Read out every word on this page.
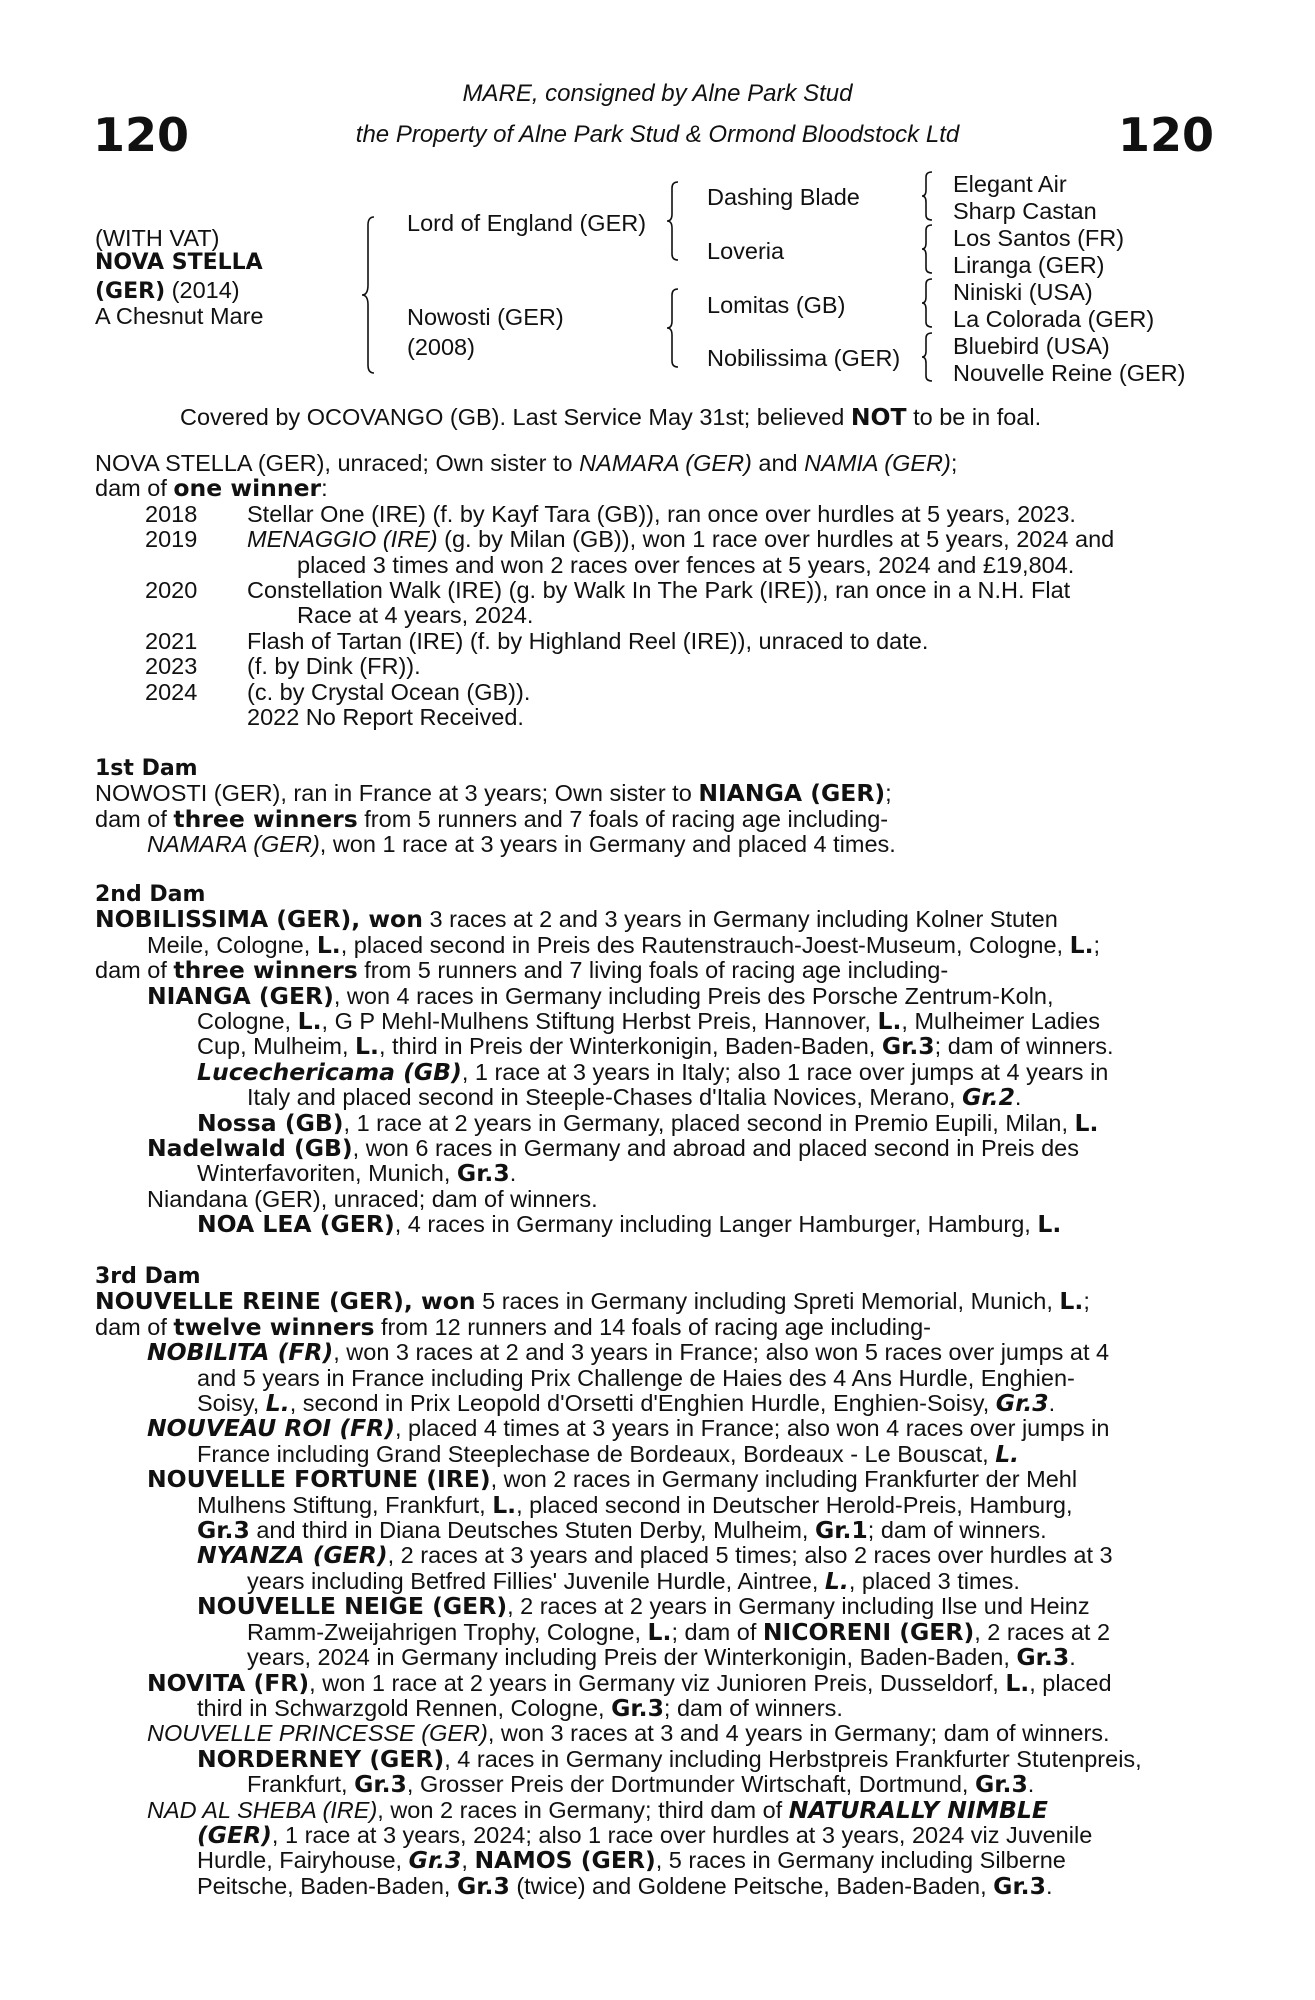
MARE, consigned by Alne Park Stud
the Property of Alne Park Stud & Ormond Bloodstock Ltd
120	120
(WITH VAT)
NOVA STELLA
(GER) (2014)
A Chesnut Mare
Lord of England (GER)
Nowosti (GER)
(2008)
Dashing Blade
Loveria
Lomitas (GB)
Nobilissima (GER)
Elegant Air
Sharp Castan
Los Santos (FR)
Liranga (GER)
Niniski (USA)
La Colorada (GER)
Bluebird (USA)
Nouvelle Reine (GER)
Covered by OCOVANGO (GB). Last Service May 31st; believed NOT to be in foal.
NOVA STELLA (GER), unraced; Own sister to NAMARA (GER) and NAMIA (GER);
dam of one winner:
2018 Stellar One (IRE) (f. by Kayf Tara (GB)), ran once over hurdles at 5 years, 2023.
2019 MENAGGIO (IRE) (g. by Milan (GB)), won 1 race over hurdles at 5 years, 2024 and
placed 3 times and won 2 races over fences at 5 years, 2024 and £19,804.
2020 Constellation Walk (IRE) (g. by Walk In The Park (IRE)), ran once in a N.H. Flat
Race at 4 years, 2024.
2021 Flash of Tartan (IRE) (f. by Highland Reel (IRE)), unraced to date.
2023 (f. by Dink (FR)).
2024 (c. by Crystal Ocean (GB)).
2022 No Report Received.
1st Dam
NOWOSTI (GER), ran in France at 3 years; Own sister to NIANGA (GER);
dam of three winners from 5 runners and 7 foals of racing age including-
NAMARA (GER), won 1 race at 3 years in Germany and placed 4 times.
2nd Dam
NOBILISSIMA (GER), won 3 races at 2 and 3 years in Germany including Kolner Stuten
Meile, Cologne, L., placed second in Preis des Rautenstrauch-Joest-Museum, Cologne, L.;
dam of three winners from 5 runners and 7 living foals of racing age including-
NIANGA (GER), won 4 races in Germany including Preis des Porsche Zentrum-Koln,
Cologne, L., G P Mehl-Mulhens Stiftung Herbst Preis, Hannover, L., Mulheimer Ladies
Cup, Mulheim, L., third in Preis der Winterkonigin, Baden-Baden, Gr.3; dam of winners.
Lucechericama (GB), 1 race at 3 years in Italy; also 1 race over jumps at 4 years in
Italy and placed second in Steeple-Chases d'Italia Novices, Merano, Gr.2.
Nossa (GB), 1 race at 2 years in Germany, placed second in Premio Eupili, Milan, L.
Nadelwald (GB), won 6 races in Germany and abroad and placed second in Preis des
Winterfavoriten, Munich, Gr.3.
Niandana (GER), unraced; dam of winners.
NOA LEA (GER), 4 races in Germany including Langer Hamburger, Hamburg, L.
3rd Dam
NOUVELLE REINE (GER), won 5 races in Germany including Spreti Memorial, Munich, L.;
dam of twelve winners from 12 runners and 14 foals of racing age including-
NOBILITA (FR), won 3 races at 2 and 3 years in France; also won 5 races over jumps at 4
and 5 years in France including Prix Challenge de Haies des 4 Ans Hurdle, Enghien-
Soisy, L., second in Prix Leopold d'Orsetti d'Enghien Hurdle, Enghien-Soisy, Gr.3.
NOUVEAU ROI (FR), placed 4 times at 3 years in France; also won 4 races over jumps in
France including Grand Steeplechase de Bordeaux, Bordeaux - Le Bouscat, L.
NOUVELLE FORTUNE (IRE), won 2 races in Germany including Frankfurter der Mehl
Mulhens Stiftung, Frankfurt, L., placed second in Deutscher Herold-Preis, Hamburg,
Gr.3 and third in Diana Deutsches Stuten Derby, Mulheim, Gr.1; dam of winners.
NYANZA (GER), 2 races at 3 years and placed 5 times; also 2 races over hurdles at 3
years including Betfred Fillies' Juvenile Hurdle, Aintree, L., placed 3 times.
NOUVELLE NEIGE (GER), 2 races at 2 years in Germany including Ilse und Heinz
Ramm-Zweijahrigen Trophy, Cologne, L.; dam of NICORENI (GER), 2 races at 2
years, 2024 in Germany including Preis der Winterkonigin, Baden-Baden, Gr.3.
NOVITA (FR), won 1 race at 2 years in Germany viz Junioren Preis, Dusseldorf, L., placed
third in Schwarzgold Rennen, Cologne, Gr.3; dam of winners.
NOUVELLE PRINCESSE (GER), won 3 races at 3 and 4 years in Germany; dam of winners.
NORDERNEY (GER), 4 races in Germany including Herbstpreis Frankfurter Stutenpreis,
Frankfurt, Gr.3, Grosser Preis der Dortmunder Wirtschaft, Dortmund, Gr.3.
NAD AL SHEBA (IRE), won 2 races in Germany; third dam of NATURALLY NIMBLE
(GER), 1 race at 3 years, 2024; also 1 race over hurdles at 3 years, 2024 viz Juvenile
Hurdle, Fairyhouse, Gr.3, NAMOS (GER), 5 races in Germany including Silberne
Peitsche, Baden-Baden, Gr.3 (twice) and Goldene Peitsche, Baden-Baden, Gr.3.
